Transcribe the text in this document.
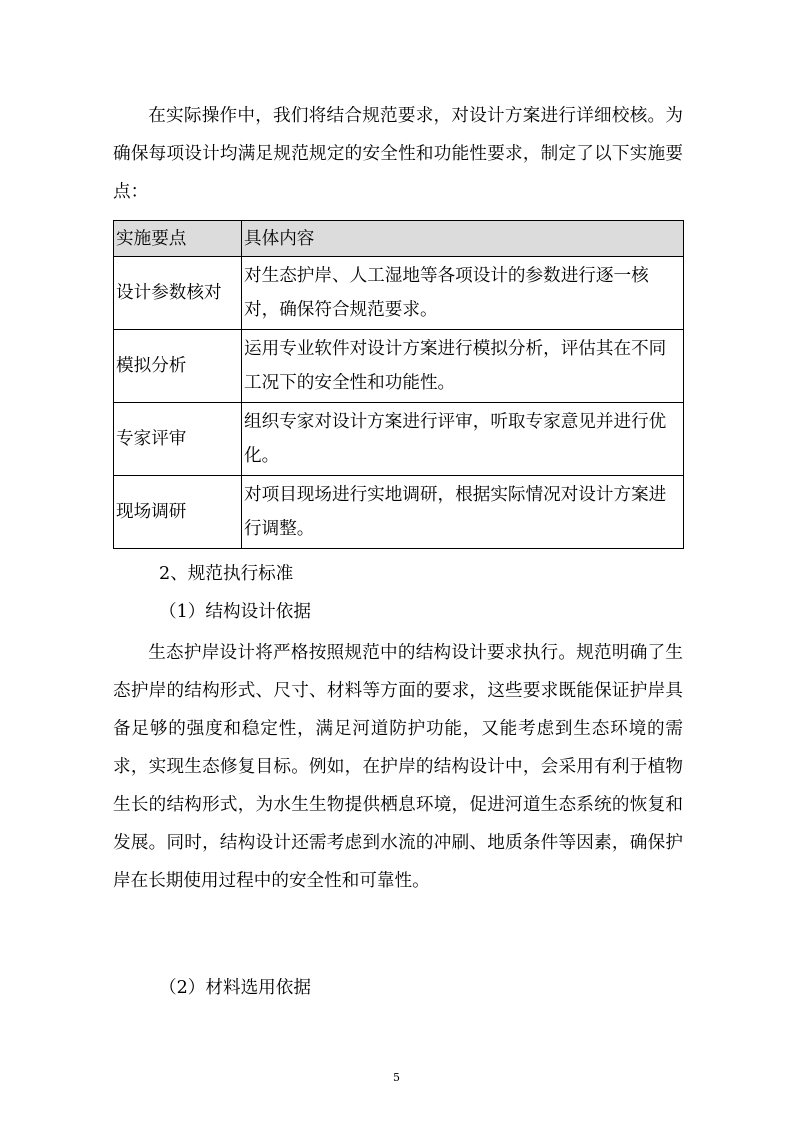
在实际操作中，我们将结合规范要求，对设计方案进行详细校核。为确保每项设计均满足规范规定的安全性和功能性要求，制定了以下实施要点：

实施要点	具体内容
设计参数核对	对生态护岸、人工湿地等各项设计的参数进行逐一核对，确保符合规范要求。
模拟分析	运用专业软件对设计方案进行模拟分析，评估其在不同工况下的安全性和功能性。
专家评审	组织专家对设计方案进行评审，听取专家意见并进行优化。
现场调研	对项目现场进行实地调研，根据实际情况对设计方案进行调整。

2、规范执行标准

（1）结构设计依据

生态护岸设计将严格按照规范中的结构设计要求执行。规范明确了生态护岸的结构形式、尺寸、材料等方面的要求，这些要求既能保证护岸具备足够的强度和稳定性，满足河道防护功能，又能考虑到生态环境的需求，实现生态修复目标。例如，在护岸的结构设计中，会采用有利于植物生长的结构形式，为水生生物提供栖息环境，促进河道生态系统的恢复和发展。同时，结构设计还需考虑到水流的冲刷、地质条件等因素，确保护岸在长期使用过程中的安全性和可靠性。

（2）材料选用依据

5
